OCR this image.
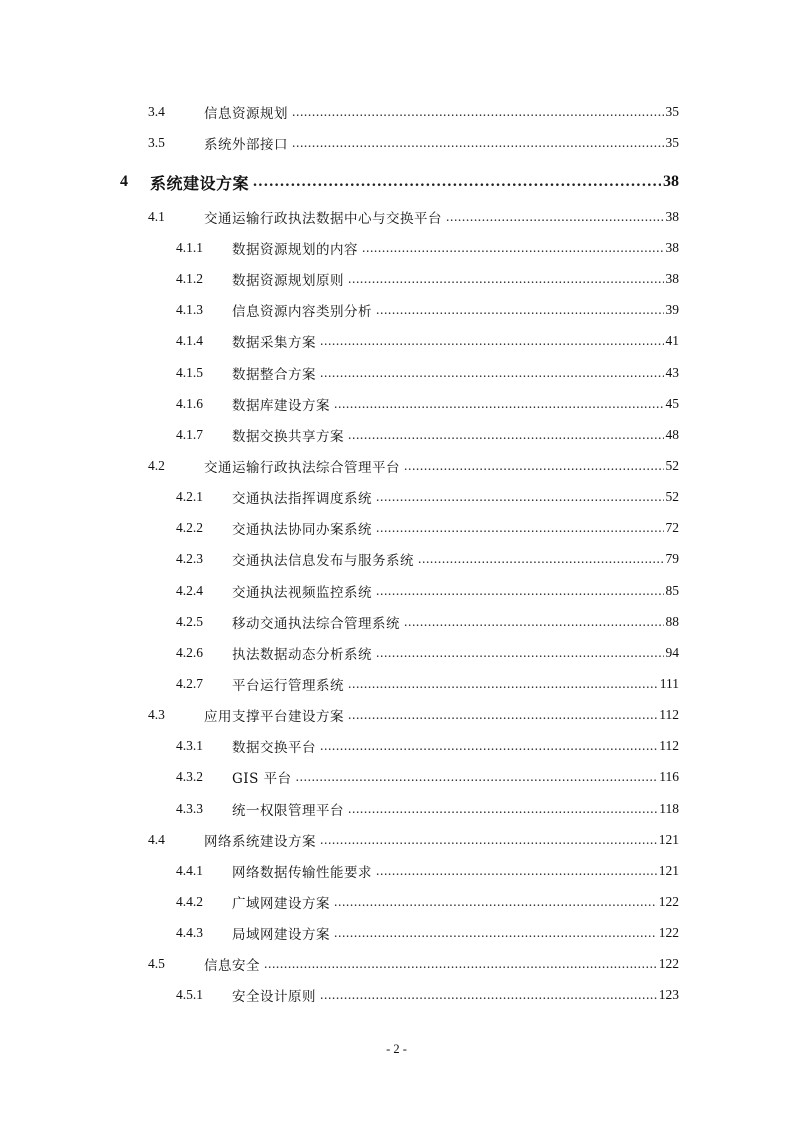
3.4	信息资源规划 .....	35
3.5	系统外部接口 .....	35
4 系统建设方案 .....	38
4.1	交通运输行政执法数据中心与交换平台 .....	38
4.1.1 数据资源规划的内容 .....	38
4.1.2 数据资源规划原则 .....	38
4.1.3 信息资源内容类别分析 .....	39
4.1.4 数据采集方案 .....	41
4.1.5 数据整合方案 .....	43
4.1.6 数据库建设方案 .....	45
4.1.7 数据交换共享方案 .....	48
4.2	交通运输行政执法综合管理平台 .....	52
4.2.1 交通执法指挥调度系统 .....	52
4.2.2 交通执法协同办案系统 .....	72
4.2.3 交通执法信息发布与服务系统 .....	79
4.2.4 交通执法视频监控系统 .....	85
4.2.5 移动交通执法综合管理系统 .....	88
4.2.6 执法数据动态分析系统 .....	94
4.2.7 平台运行管理系统 .....	111
4.3	应用支撑平台建设方案 .....	112
4.3.1 数据交换平台 .....	112
4.3.2 GIS 平台 .....	116
4.3.3 统一权限管理平台 .....	118
4.4	网络系统建设方案 .....	121
4.4.1 网络数据传输性能要求 .....	121
4.4.2 广域网建设方案 .....	122
4.4.3 局域网建设方案 .....	122
4.5	信息安全 .....	122
4.5.1 安全设计原则 .....	123
- 2 -
